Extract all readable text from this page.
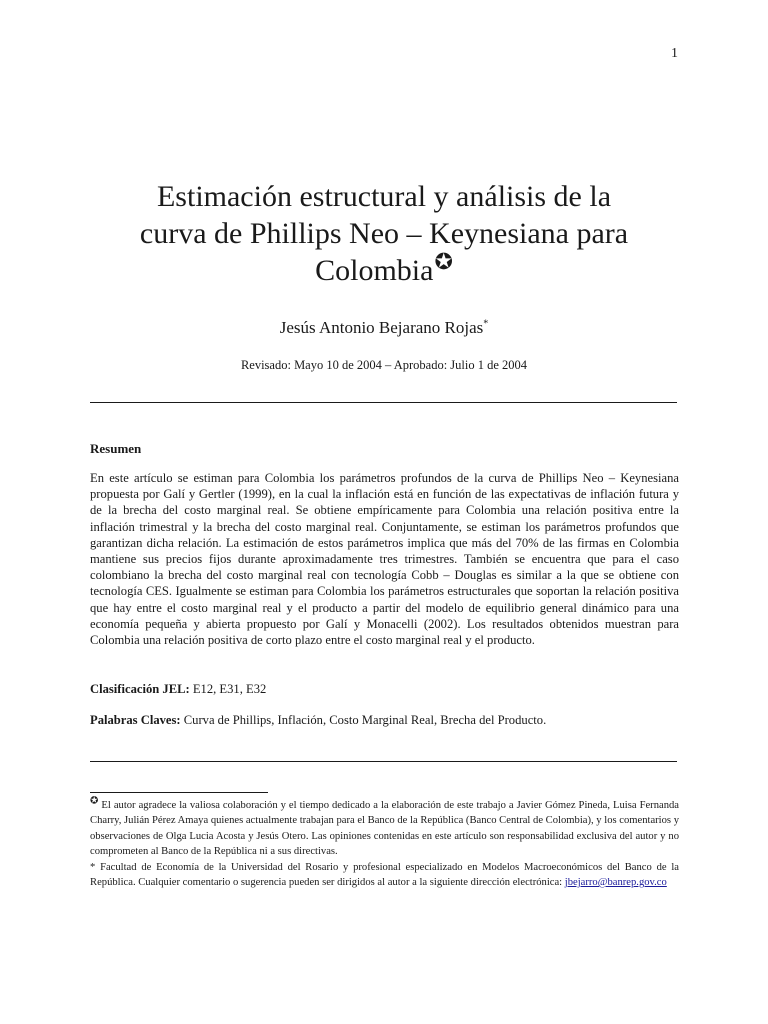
1
Estimación estructural y análisis de la
curva de Phillips Neo – Keynesiana para
Colombia✪
Jesús Antonio Bejarano Rojas*
Revisado: Mayo 10 de 2004 – Aprobado: Julio 1 de 2004
Resumen

En este artículo se estiman para Colombia los parámetros profundos de la curva de Phillips Neo – Keynesiana propuesta por Galí y Gertler (1999), en la cual la inflación está en función de las expectativas de inflación futura y de la brecha del costo marginal real. Se obtiene empíricamente para Colombia una relación positiva entre la inflación trimestral y la brecha del costo marginal real. Conjuntamente, se estiman los parámetros profundos que garantizan dicha relación. La estimación de estos parámetros implica que más del 70% de las firmas en Colombia mantiene sus precios fijos durante aproximadamente tres trimestres. También se encuentra que para el caso colombiano la brecha del costo marginal real con tecnología Cobb – Douglas es similar a la que se obtiene con tecnología CES. Igualmente se estiman para Colombia los parámetros estructurales que soportan la relación positiva que hay entre el costo marginal real y el producto a partir del modelo de equilibrio general dinámico para una economía pequeña y abierta propuesto por Galí y Monacelli (2002). Los resultados obtenidos muestran para Colombia una relación positiva de corto plazo entre el costo marginal real y el producto.

Clasificación JEL: E12, E31, E32

Palabras Claves: Curva de Phillips, Inflación, Costo Marginal Real, Brecha del Producto.

✪ El autor agradece la valiosa colaboración y el tiempo dedicado a la elaboración de este trabajo a Javier Gómez Pineda, Luisa Fernanda Charry, Julián Pérez Amaya quienes actualmente trabajan para el Banco de la República (Banco Central de Colombia), y los comentarios y observaciones de Olga Lucia Acosta y Jesús Otero. Las opiniones contenidas en este artículo son responsabilidad exclusiva del autor y no comprometen al Banco de la República ni a sus directivas.

* Facultad de Economía de la Universidad del Rosario y profesional especializado en Modelos Macroeconómicos del Banco de la República. Cualquier comentario o sugerencia pueden ser dirigidos al autor a la siguiente dirección electrónica: jbejarro@banrep.gov.co
